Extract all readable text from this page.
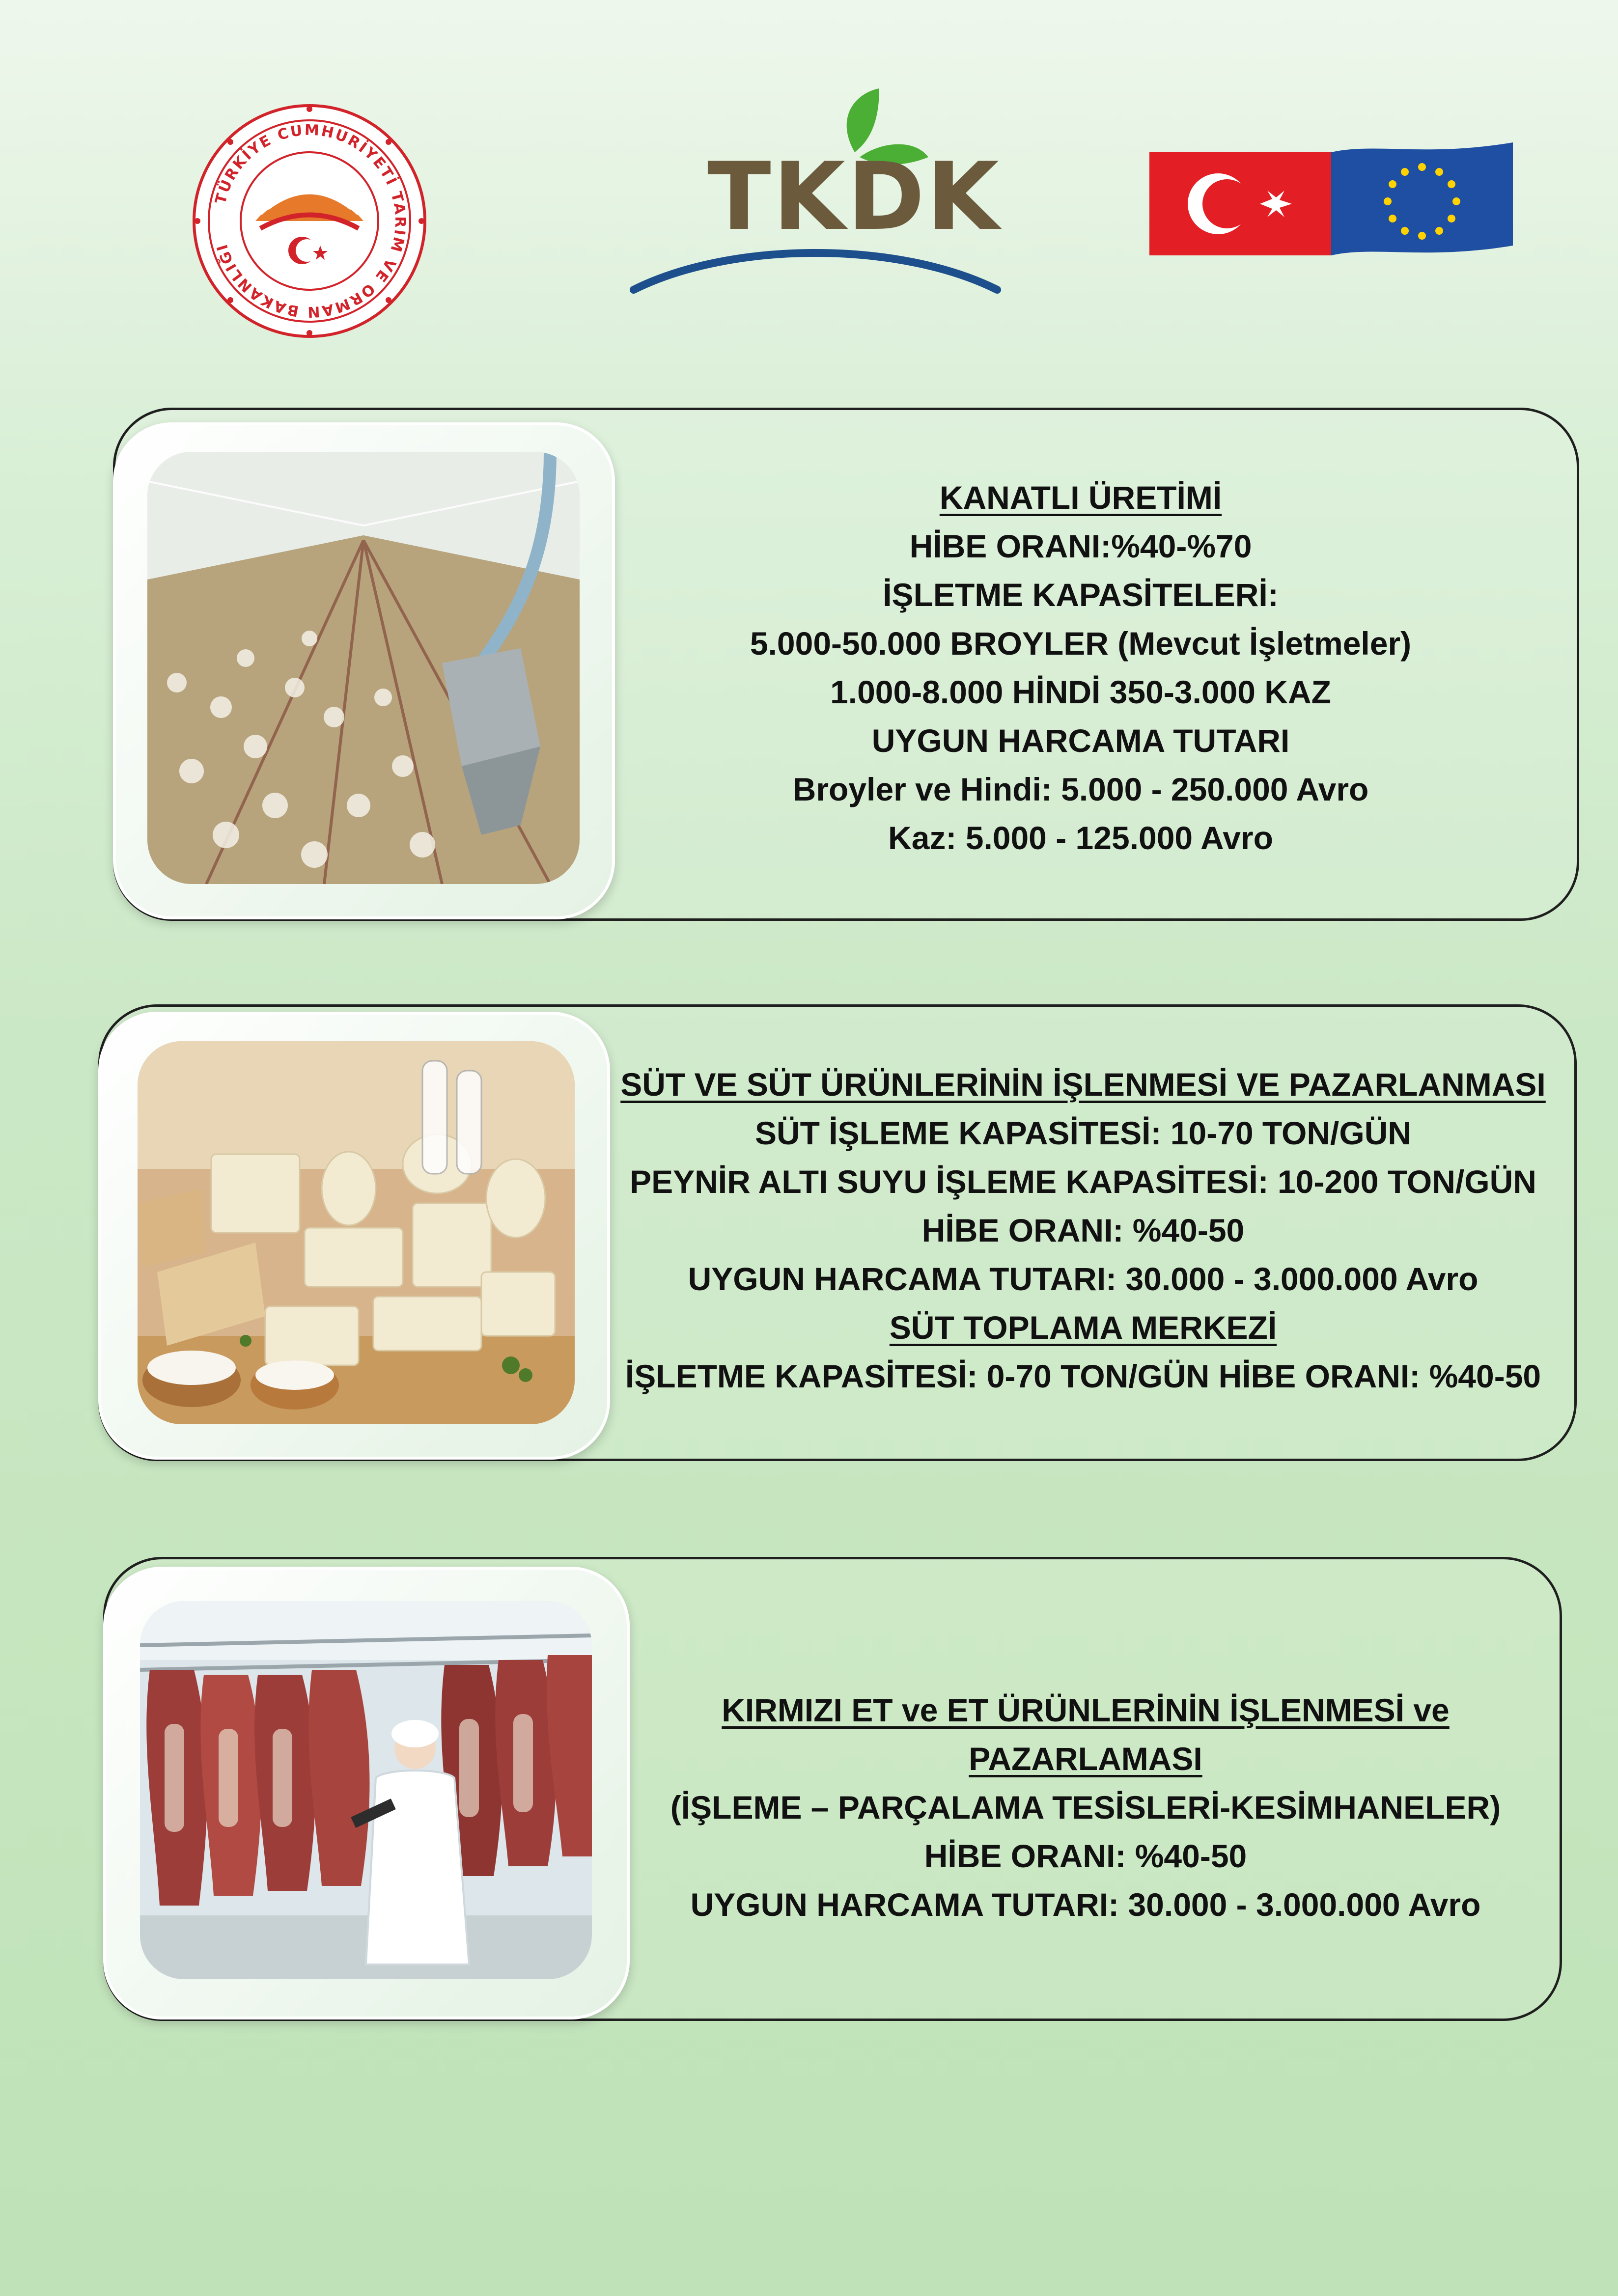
TÜRKİYE CUMHURİYETİ TARIM VE ORMAN BAKANLIĞI	TKDK
KANATLI ÜRETİMİ
HİBE ORANI:%40-%70
İŞLETME KAPASİTELERİ:
5.000-50.000 BROYLER (Mevcut İşletmeler)
1.000-8.000 HİNDİ 350-3.000 KAZ
UYGUN HARCAMA TUTARI
Broyler ve Hindi: 5.000 - 250.000 Avro
Kaz: 5.000 - 125.000 Avro
SÜT VE SÜT ÜRÜNLERİNİN İŞLENMESİ VE PAZARLANMASI
SÜT İŞLEME KAPASİTESİ: 10-70 TON/GÜN
PEYNİR ALTI SUYU İŞLEME KAPASİTESİ: 10-200 TON/GÜN
HİBE ORANI: %40-50
UYGUN HARCAMA TUTARI: 30.000 - 3.000.000 Avro
SÜT TOPLAMA MERKEZİ
İŞLETME KAPASİTESİ: 0-70 TON/GÜN HİBE ORANI: %40-50
KIRMIZI ET ve ET ÜRÜNLERİNİN İŞLENMESİ ve
PAZARLAMASI
(İŞLEME – PARÇALAMA TESİSLERİ-KESİMHANELER)
HİBE ORANI: %40-50
UYGUN HARCAMA TUTARI: 30.000 - 3.000.000 Avro
